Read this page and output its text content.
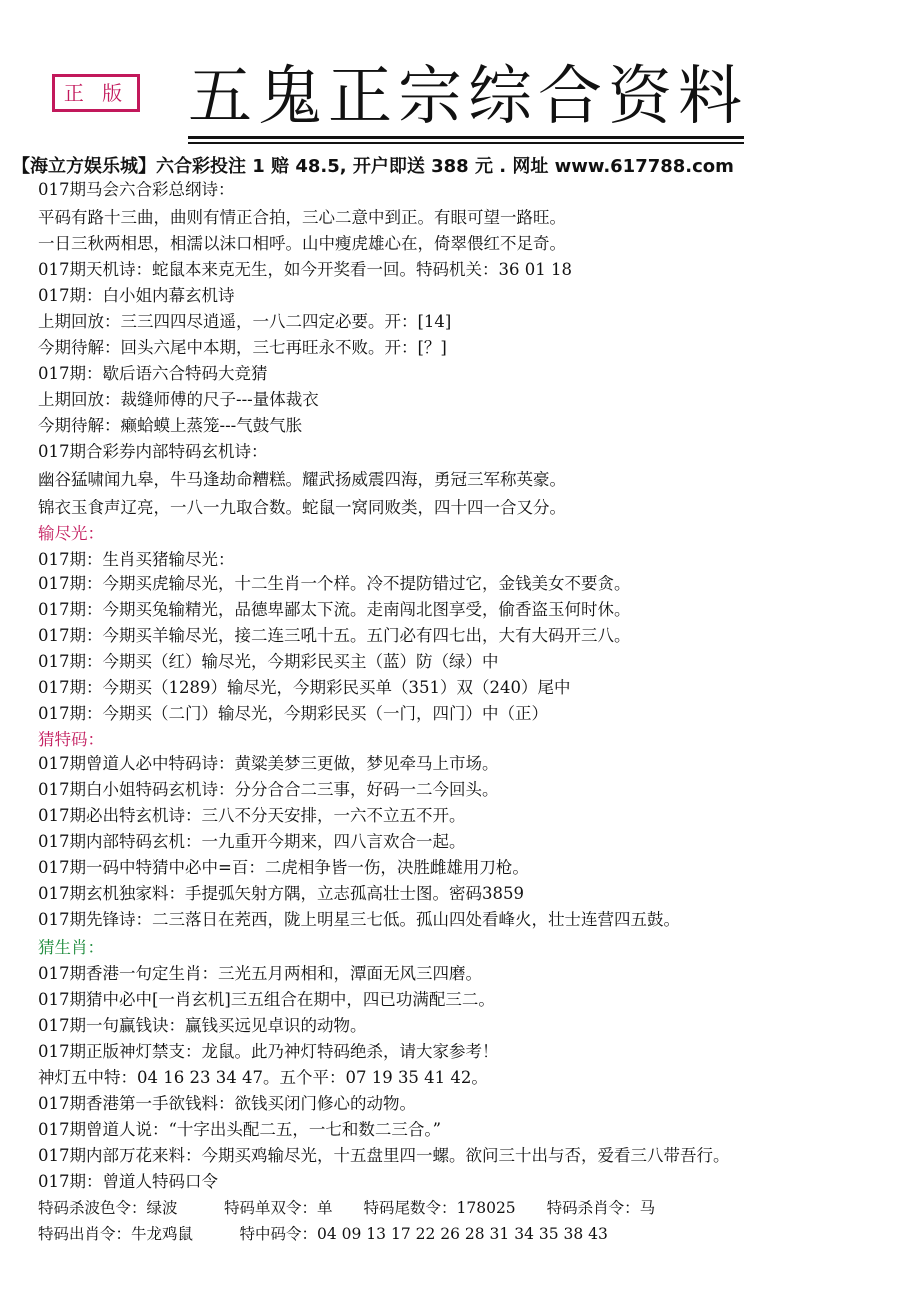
正 版 五鬼正宗综合资料
【海立方娱乐城】六合彩投注 1 赔 48.5, 开户即送 388 元 . 网址 www.617788.com
017期马会六合彩总纲诗：
平码有路十三曲，曲则有情正合拍，三心二意中到正。有眼可望一路旺。
一日三秋两相思，相濡以沫口相呼。山中瘦虎雄心在，倚翠偎红不足奇。
017期天机诗：蛇鼠本来克无生，如今开奖看一回。特码机关：36 01 18
017期：白小姐内幕玄机诗
上期回放：三三四四尽逍遥，一八二四定必要。开：[14]
今期待解：回头六尾中本期，三七再旺永不败。开：[？]
017期：歇后语六合特码大竞猜
上期回放：裁缝师傅的尺子---量体裁衣
今期待解：癞蛤蟆上蒸笼---气鼓气胀
017期合彩券内部特码玄机诗：
幽谷猛啸闻九皋，牛马逢劫命糟糕。耀武扬威震四海，勇冠三军称英豪。
锦衣玉食声辽亮，一八一九取合数。蛇鼠一窝同败类，四十四一合又分。
输尽光：
017期：生肖买猪输尽光：
017期：今期买虎输尽光，十二生肖一个样。冷不提防错过它，金钱美女不要贪。
017期：今期买兔输精光，品德卑鄙太下流。走南闯北图享受，偷香盗玉何时休。
017期：今期买羊输尽光，接二连三吼十五。五门必有四七出，大有大码开三八。
017期：今期买（红）输尽光，今期彩民买主（蓝）防（绿）中
017期：今期买（1289）输尽光，今期彩民买单（351）双（240）尾中
017期：今期买（二门）输尽光，今期彩民买（一门，四门）中（正）
猜特码：
017期曾道人必中特码诗：黄粱美梦三更做，梦见牵马上市场。
017期白小姐特码玄机诗：分分合合二三事，好码一二今回头。
017期必出特玄机诗：三八不分天安排，一六不立五不开。
017期内部特码玄机：一九重开今期来，四八言欢合一起。
017期一码中特猜中必中=百：二虎相争皆一伤，决胜雌雄用刀枪。
017期玄机独家料：手提弧矢射方隅，立志孤高壮士图。密码3859
017期先锋诗：二三落日在茺西，陇上明星三七低。孤山四处看峰火，壮士连营四五鼓。
猜生肖：
017期香港一句定生肖：三光五月两相和，潭面无风三四磨。
017期猜中必中[一肖玄机]三五组合在期中，四已功满配三二。
017期一句赢钱诀：赢钱买远见卓识的动物。
017期正版神灯禁支：龙鼠。此乃神灯特码绝杀，请大家参考！
神灯五中特：04 16 23 34 47。五个平：07 19 35 41 42。
017期香港第一手欲钱料：欲钱买闭门修心的动物。
017期曾道人说：“十字出头配二五，一七和数二三合。”
017期内部万花来料：今期买鸡输尽光，十五盘里四一螺。欲问三十出与否，爱看三八带吾行。
017期：曾道人特码口令
特码杀波色令：绿波　　　特码单双令：单　　特码尾数令：178025　　特码杀肖令：马
特码出肖令：牛龙鸡鼠　　　特中码令：04 09 13 17 22 26 28 31 34 35 38 43
